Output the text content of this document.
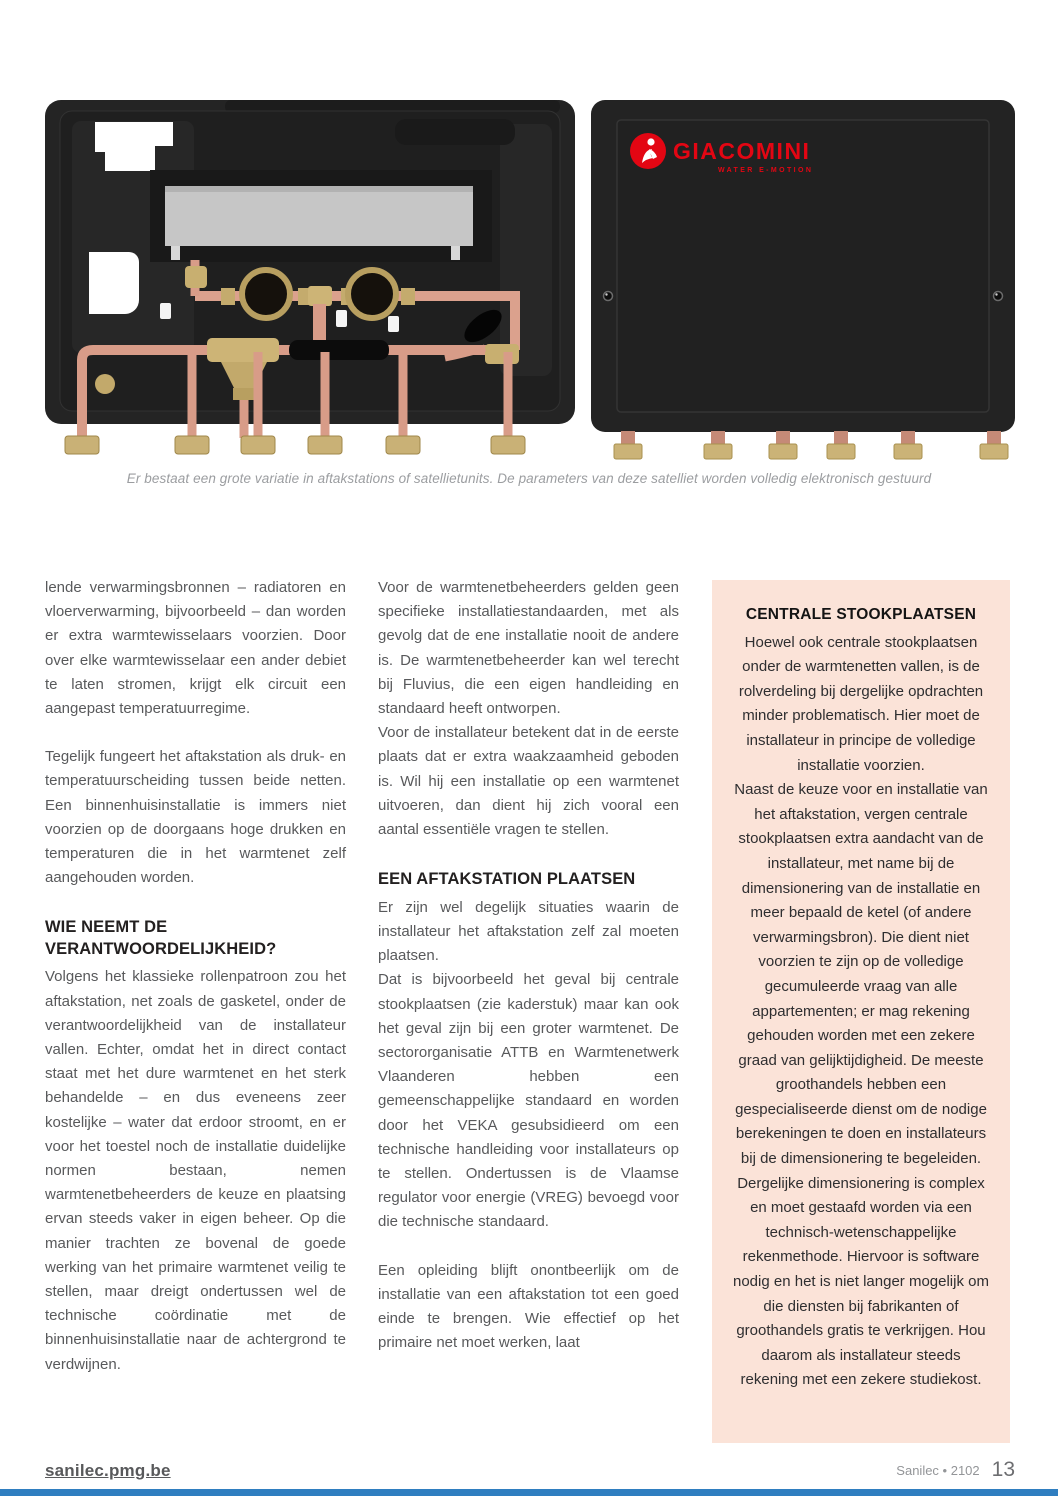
GIACOMINI
WATER E-MOTION
Er bestaat een grote variatie in aftakstations of satellietunits. De parameters van deze satelliet worden volledig elektronisch gestuurd

lende verwarmingsbronnen – radiatoren en vloerverwarming, bijvoorbeeld – dan worden er extra warmtewisselaars voorzien. Door over elke warmtewisselaar een ander debiet te laten stromen, krijgt elk circuit een aangepast temperatuurregime.

Tegelijk fungeert het aftakstation als druk- en temperatuurscheiding tussen beide netten. Een binnenhuisinstallatie is immers niet voorzien op de doorgaans hoge drukken en temperaturen die in het warmtenet zelf aangehouden worden.

WIE NEEMT DE VERANTWOORDELIJKHEID?

Volgens het klassieke rollenpatroon zou het aftakstation, net zoals de gasketel, onder de verantwoordelijkheid van de installateur vallen. Echter, omdat het in direct contact staat met het dure warmtenet en het sterk behandelde – en dus eveneens zeer kostelijke – water dat erdoor stroomt, en er voor het toestel noch de installatie duidelijke normen bestaan, nemen warmtenetbeheerders de keuze en plaatsing ervan steeds vaker in eigen beheer. Op die manier trachten ze bovenal de goede werking van het primaire warmtenet veilig te stellen, maar dreigt ondertussen wel de technische coördinatie met de binnenhuisinstallatie naar de achtergrond te verdwijnen.

Voor de warmtenetbeheerders gelden geen specifieke installatiestandaarden, met als gevolg dat de ene installatie nooit de andere is. De warmtenetbeheerder kan wel terecht bij Fluvius, die een eigen handleiding en standaard heeft ontworpen.

Voor de installateur betekent dat in de eerste plaats dat er extra waakzaamheid geboden is. Wil hij een installatie op een warmtenet uitvoeren, dan dient hij zich vooral een aantal essentiële vragen te stellen.

EEN AFTAKSTATION PLAATSEN

Er zijn wel degelijk situaties waarin de installateur het aftakstation zelf zal moeten plaatsen.

Dat is bijvoorbeeld het geval bij centrale stookplaatsen (zie kaderstuk) maar kan ook het geval zijn bij een groter warmtenet. De sectororganisatie ATTB en Warmtenetwerk Vlaanderen hebben een gemeenschappelijke standaard en worden door het VEKA gesubsidieerd om een technische handleiding voor installateurs op te stellen. Ondertussen is de Vlaamse regulator voor energie (VREG) bevoegd voor die technische standaard.

Een opleiding blijft onontbeerlijk om de installatie van een aftakstation tot een goed einde te brengen. Wie effectief op het primaire net moet werken, laat

CENTRALE STOOKPLAATSEN

Hoewel ook centrale stookplaatsen onder de warmtenetten vallen, is de rolverdeling bij dergelijke opdrachten minder problematisch. Hier moet de installateur in principe de volledige installatie voorzien.

Naast de keuze voor en installatie van het aftakstation, vergen centrale stookplaatsen extra aandacht van de installateur, met name bij de dimensionering van de installatie en meer bepaald de ketel (of andere verwarmingsbron). Die dient niet voorzien te zijn op de volledige gecumuleerde vraag van alle appartementen; er mag rekening gehouden worden met een zekere graad van gelijktijdigheid. De meeste groothandels hebben een gespecialiseerde dienst om de nodige berekeningen te doen en installateurs bij de dimensionering te begeleiden.

Dergelijke dimensionering is complex en moet gestaafd worden via een technisch-wetenschappelijke rekenmethode. Hiervoor is software nodig en het is niet langer mogelijk om die diensten bij fabrikanten of groothandels gratis te verkrijgen. Hou daarom als installateur steeds rekening met een zekere studiekost.

sanilec.pmg.be	Sanilec • 2102 13
